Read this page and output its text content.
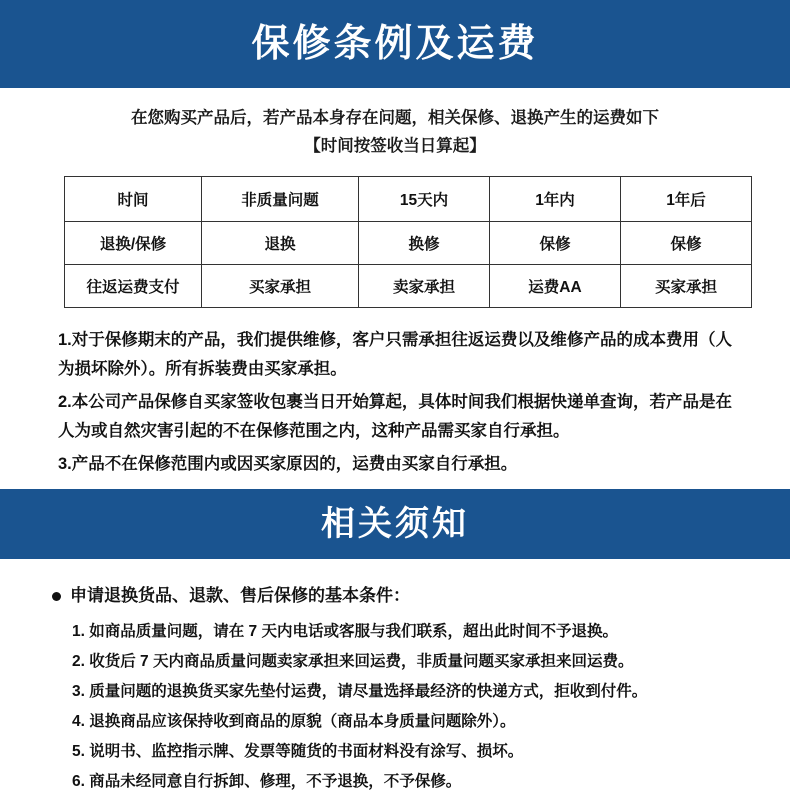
保修条例及运费
在您购买产品后，若产品本身存在问题，相关保修、退换产生的运费如下
【时间按签收当日算起】
时间	非质量问题	15天内	1年内	1年后
退换/保修	退换	换修	保修	保修
往返运费支付	买家承担	卖家承担	运费AA	买家承担
1.对于保修期末的产品，我们提供维修，客户只需承担往返运费以及维修产品的成本费用（人为损坏除外）。所有拆装费由买家承担。
2.本公司产品保修自买家签收包裹当日开始算起，具体时间我们根据快递单查询，若产品是在人为或自然灾害引起的不在保修范围之内，这种产品需买家自行承担。
3.产品不在保修范围内或因买家原因的，运费由买家自行承担。
相关须知
申请退换货品、退款、售后保修的基本条件：
1. 如商品质量问题，请在 7 天内电话或客服与我们联系，超出此时间不予退换。
2. 收货后 7 天内商品质量问题卖家承担来回运费，非质量问题买家承担来回运费。
3. 质量问题的退换货买家先垫付运费，请尽量选择最经济的快递方式，拒收到付件。
4. 退换商品应该保持收到商品的原貌（商品本身质量问题除外）。
5. 说明书、监控指示牌、发票等随货的书面材料没有涂写、损坏。
6. 商品未经同意自行拆卸、修理，不予退换，不予保修。
